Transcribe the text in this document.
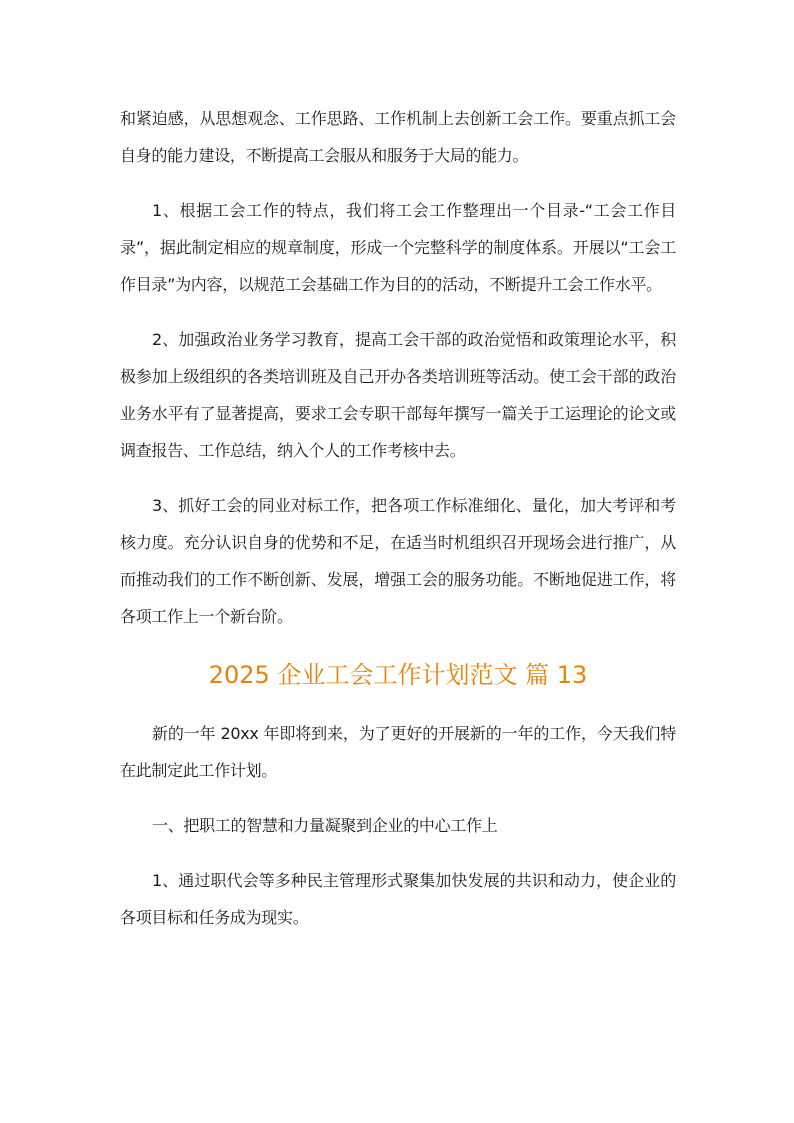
和紧迫感，从思想观念、工作思路、工作机制上去创新工会工作。要重点抓工会自身的能力建设，不断提高工会服从和服务于大局的能力。

1、根据工会工作的特点，我们将工会工作整理出一个目录-“工会工作目录”，据此制定相应的规章制度，形成一个完整科学的制度体系。开展以“工会工作目录”为内容，以规范工会基础工作为目的的活动，不断提升工会工作水平。

2、加强政治业务学习教育，提高工会干部的政治觉悟和政策理论水平，积极参加上级组织的各类培训班及自己开办各类培训班等活动。使工会干部的政治业务水平有了显著提高，要求工会专职干部每年撰写一篇关于工运理论的论文或调查报告、工作总结，纳入个人的工作考核中去。

3、抓好工会的同业对标工作，把各项工作标准细化、量化，加大考评和考核力度。充分认识自身的优势和不足，在适当时机组织召开现场会进行推广，从而推动我们的工作不断创新、发展，增强工会的服务功能。不断地促进工作，将各项工作上一个新台阶。

2025 企业工会工作计划范文 篇 13

新的一年 20xx 年即将到来，为了更好的开展新的一年的工作，今天我们特在此制定此工作计划。

一、把职工的智慧和力量凝聚到企业的中心工作上

1、通过职代会等多种民主管理形式聚集加快发展的共识和动力，使企业的各项目标和任务成为现实。
